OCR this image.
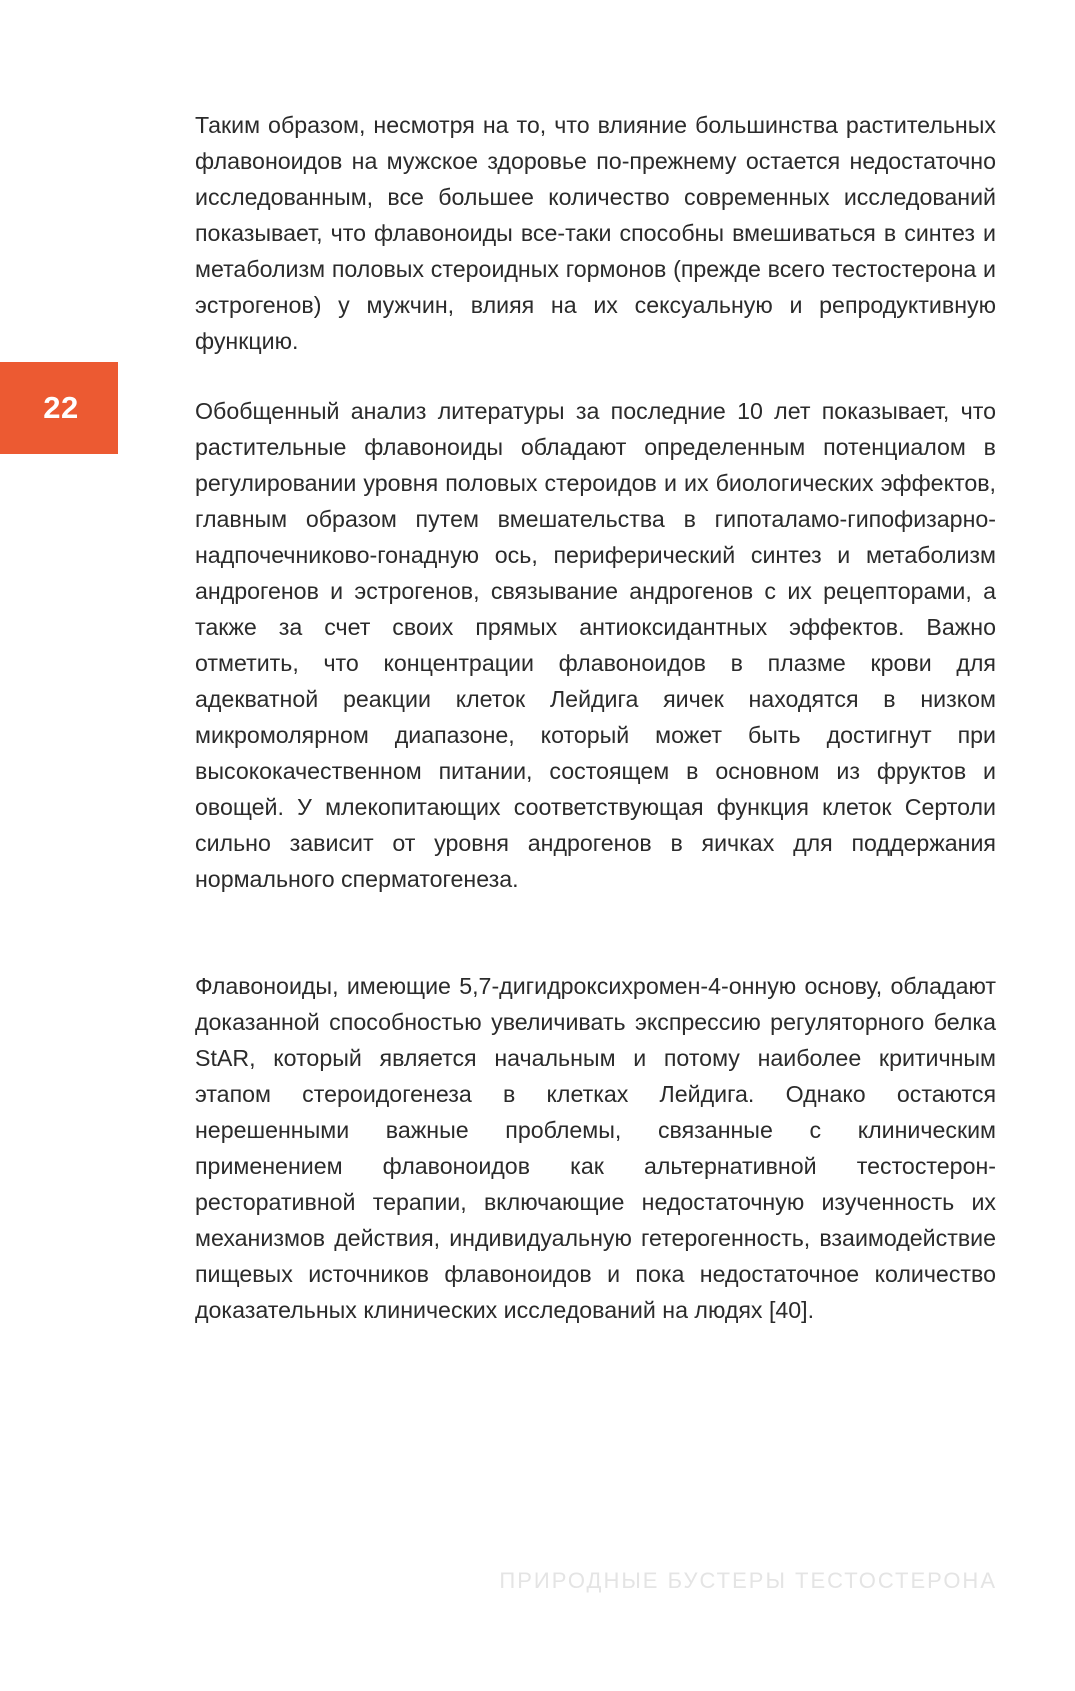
22

Таким образом, несмотря на то, что влияние большинства растительных флавоноидов на мужское здоровье по-прежнему остается недостаточно исследованным, все большее количество современных исследований показывает, что флавоноиды все-таки способны вмешиваться в синтез и метаболизм половых стероидных гормонов (прежде всего тестостерона и эстрогенов) у мужчин, влияя на их сексуальную и репродуктивную функцию.

Обобщенный анализ литературы за последние 10 лет показывает, что растительные флавоноиды обладают определенным потенциалом в регулировании уровня половых стероидов и их биологических эффектов, главным образом путем вмешательства в гипоталамо-гипофизарно-надпочечниково-гонадную ось, периферический синтез и метаболизм андрогенов и эстрогенов, связывание андрогенов с их рецепторами, а также за счет своих прямых антиоксидантных эффектов. Важно отметить, что концентрации флавоноидов в плазме крови для адекватной реакции клеток Лейдига яичек находятся в низком микромолярном диапазоне, который может быть достигнут при высококачественном питании, состоящем в основном из фруктов и овощей. У млекопитающих соответствующая функция клеток Сертоли сильно зависит от уровня андрогенов в яичках для поддержания нормального сперматогенеза.

Флавоноиды, имеющие 5,7-дигидроксихромен-4-онную основу, обладают доказанной способностью увеличивать экспрессию регуляторного белка StAR, который является начальным и потому наиболее критичным этапом стероидогенеза в клетках Лейдига. Однако остаются нерешенными важные проблемы, связанные с клиническим применением флавоноидов как альтернативной тестостерон-ресторативной терапии, включающие недостаточную изученность их механизмов действия, индивидуальную гетерогенность, взаимодействие пищевых источников флавоноидов и пока недостаточное количество доказательных клинических исследований на людях [40].

ПРИРОДНЫЕ БУСТЕРЫ ТЕСТОСТЕРОНА
